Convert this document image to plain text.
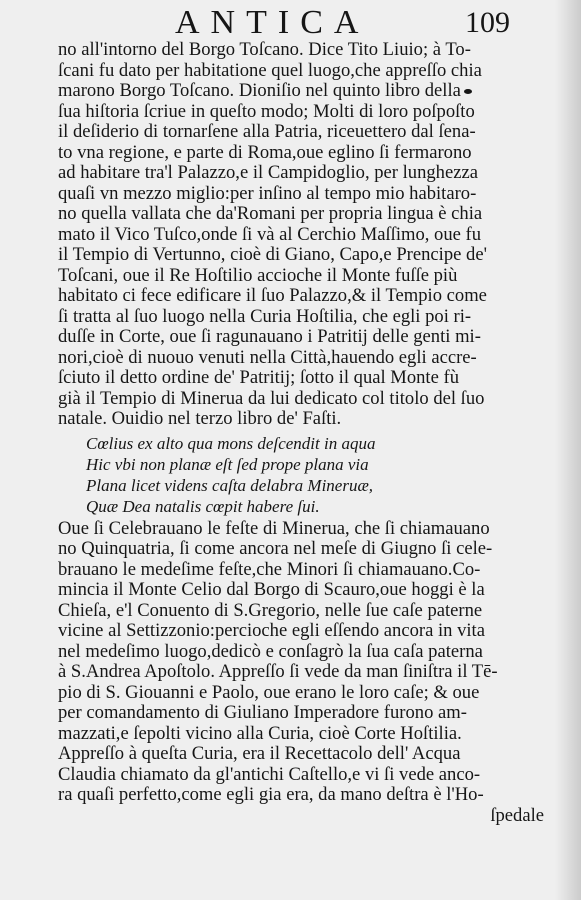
ANTICA	109
no all'intorno del Borgo Toſcano. Dice Tito Liuio; à To-
ſcani fu dato per habitatione quel luogo,che appreſſo chia
marono Borgo Toſcano. Dioniſio nel quinto libro della
ſua hiſtoria ſcriue in queſto modo; Molti di loro poſpoſto
il deſiderio di tornarſene alla Patria, riceuettero dal ſena-
to vna regione, e parte di Roma,oue eglino ſi fermarono
ad habitare tra'l Palazzo,e il Campidoglio, per lunghezza
quaſi vn mezzo miglio:per inſino al tempo mio habitaro-
no quella vallata che da'Romani per propria lingua è chia
mato il Vico Tuſco,onde ſi và al Cerchio Maſſimo, oue fu
il Tempio di Vertunno, cioè di Giano, Capo,e Prencipe de'
Toſcani, oue il Re Hoſtilio accioche il Monte fuſſe più
habitato ci fece edificare il ſuo Palazzo,& il Tempio come
ſi tratta al ſuo luogo nella Curia Hoſtilia, che egli poi ri-
duſſe in Corte, oue ſi ragunauano i Patritij delle genti mi-
nori,cioè di nuouo venuti nella Città,hauendo egli accre-
ſciuto il detto ordine de' Patritij; ſotto il qual Monte fù
già il Tempio di Minerua da lui dedicato col titolo del ſuo
natale. Ouidio nel terzo libro de' Faſti.
Cœlius ex alto qua mons deſcendit in aqua
Hic vbi non planæ eſt ſed prope plana via
Plana licet videns caſta delabra Mineruæ,
Quæ Dea natalis cœpit habere ſui.
Oue ſi Celebrauano le feſte di Minerua, che ſi chiamauano
no Quinquatria, ſi come ancora nel meſe di Giugno ſi cele-
brauano le medeſime feſte,che Minori ſi chiamauano.Co-
mincia il Monte Celio dal Borgo di Scauro,oue hoggi è la
Chieſa, e'l Conuento di S.Gregorio, nelle ſue caſe paterne
vicine al Settizzonio:percioche egli eſſendo ancora in vita
nel medeſimo luogo,dedicò e conſagrò la ſua caſa paterna
à S.Andrea Apoſtolo. Appreſſo ſi vede da man ſiniſtra il Tē-
pio di S. Giouanni e Paolo, oue erano le loro caſe; & oue
per comandamento di Giuliano Imperadore furono am-
mazzati,e ſepolti vicino alla Curia, cioè Corte Hoſtilia.
Appreſſo à queſta Curia, era il Recettacolo dell' Acqua
Claudia chiamato da gl'antichi Caſtello,e vi ſi vede anco-
ra quaſi perfetto,come egli gia era, da mano deſtra è l'Ho-
ſpedale
